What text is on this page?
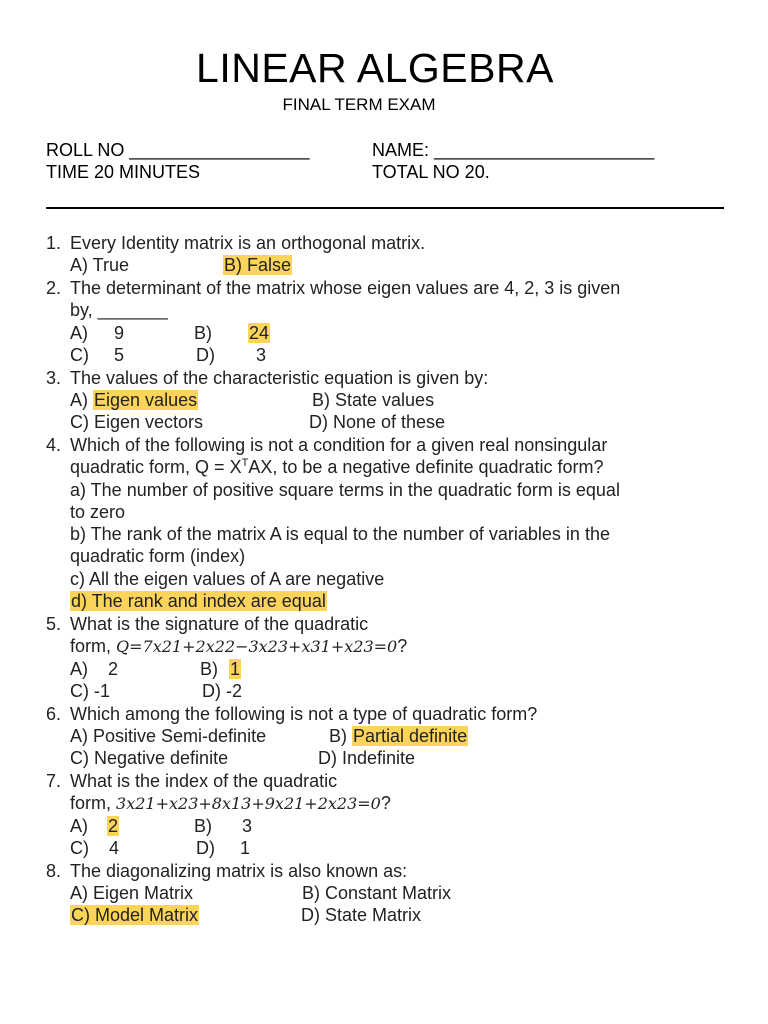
LINEAR ALGEBRA
FINAL TERM EXAM
ROLL NO __________________	NAME: ______________________
TIME 20 MINUTES	TOTAL NO 20.
1. Every Identity matrix is an orthogonal matrix.
A) True	B) False
2. The determinant of the matrix whose eigen values are 4, 2, 3 is given
by, _______
A) 9	B) 24
C) 5	D) 3
3. The values of the characteristic equation is given by:
A) Eigen values	B) State values
C) Eigen vectors	D) None of these
4. Which of the following is not a condition for a given real nonsingular
quadratic form, $Q = X^TAX$, to be a negative definite quadratic form?
a) The number of positive square terms in the quadratic form is equal
to zero
b) The rank of the matrix A is equal to the number of variables in the
quadratic form (index)
c) All the eigen values of A are negative
d) The rank and index are equal
5. What is the signature of the quadratic
form, Q=7x21+2x22−3x23+x31+x23=0?
A) 2	B) 1
C) -1	D) -2
6. Which among the following is not a type of quadratic form?
A) Positive Semi-definite	B) Partial definite
C) Negative definite	D) Indefinite
7. What is the index of the quadratic
form, 3x21+x23+8x13+9x21+2x23=0?
A) 2	B) 3
C) 4	D) 1
8. The diagonalizing matrix is also known as:
A) Eigen Matrix	B) Constant Matrix
C) Model Matrix	D) State Matrix
